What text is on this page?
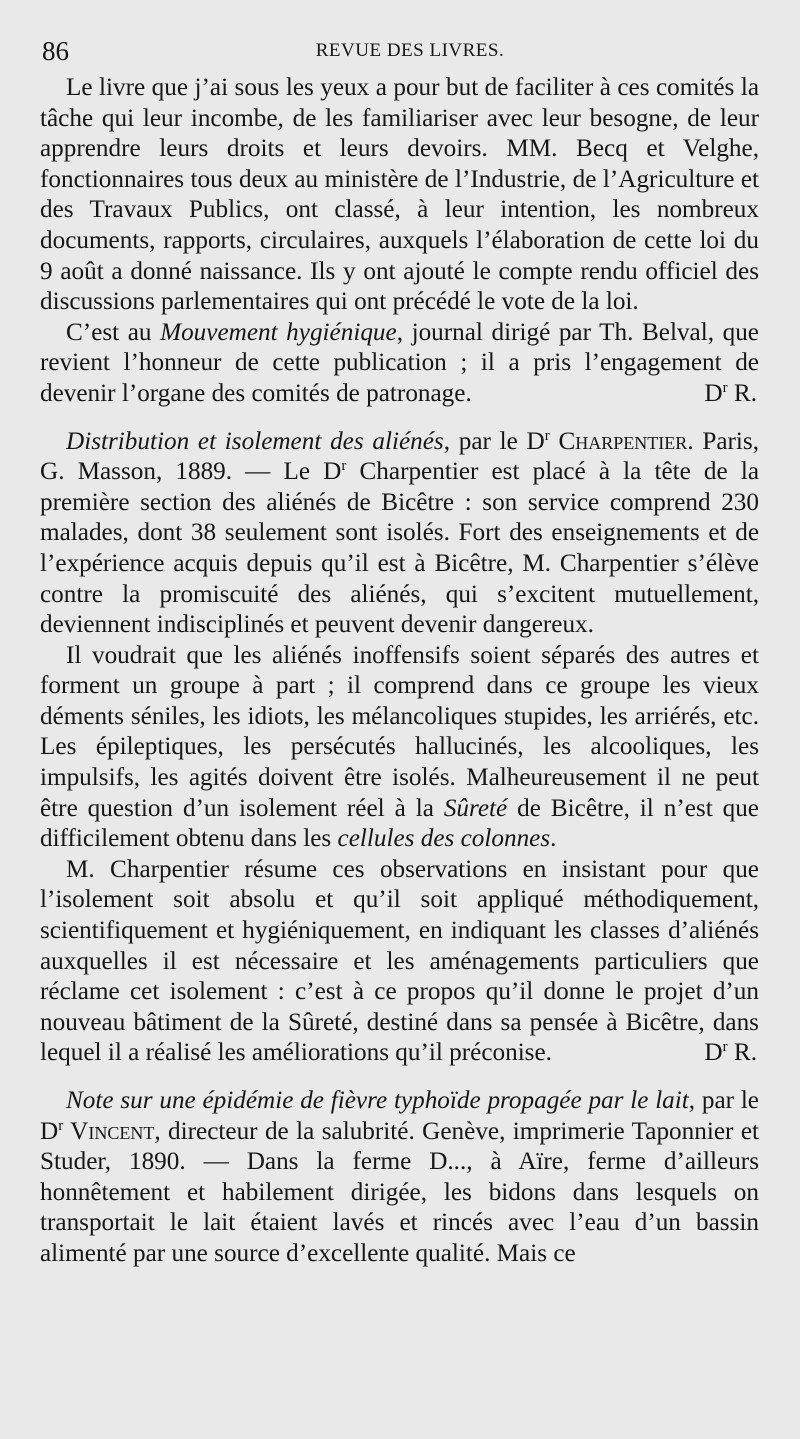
86	REVUE DES LIVRES.

Le livre que j’ai sous les yeux a pour but de faciliter à ces comités la tâche qui leur incombe, de les familiariser avec leur besogne, de leur apprendre leurs droits et leurs devoirs. MM. Becq et Velghe, fonctionnaires tous deux au ministère de l’Industrie, de l’Agriculture et des Travaux Publics, ont classé, à leur intention, les nombreux documents, rapports, circulaires, auxquels l’élaboration de cette loi du 9 août a donné naissance. Ils y ont ajouté le compte rendu officiel des discussions parlementaires qui ont précédé le vote de la loi.

C’est au Mouvement hygiénique, journal dirigé par Th. Belval, que revient l’honneur de cette publication ; il a pris l’engagement de devenir l’organe des comités de patronage.	$D^r$ R.

Distribution et isolement des aliénés, par le $D^r$ Charpentier. Paris, G. Masson, 1889. — Le $D^r$ Charpentier est placé à la tête de la première section des aliénés de Bicêtre : son service comprend 230 malades, dont 38 seulement sont isolés. Fort des enseignements et de l’expérience acquis depuis qu’il est à Bicêtre, M. Charpentier s’élève contre la promiscuité des aliénés, qui s’excitent mutuellement, deviennent indisciplinés et peuvent devenir dangereux.

Il voudrait que les aliénés inoffensifs soient séparés des autres et forment un groupe à part ; il comprend dans ce groupe les vieux déments séniles, les idiots, les mélancoliques stupides, les arriérés, etc. Les épileptiques, les persécutés hallucinés, les alcooliques, les impulsifs, les agités doivent être isolés. Malheureusement il ne peut être question d’un isolement réel à la Sûreté de Bicêtre, il n’est que difficilement obtenu dans les cellules des colonnes.

M. Charpentier résume ces observations en insistant pour que l’isolement soit absolu et qu’il soit appliqué méthodiquement, scientifiquement et hygiéniquement, en indiquant les classes d’aliénés auxquelles il est nécessaire et les aménagements particuliers que réclame cet isolement : c’est à ce propos qu’il donne le projet d’un nouveau bâtiment de la Sûreté, destiné dans sa pensée à Bicêtre, dans lequel il a réalisé les améliorations qu’il préconise.	$D^r$ R.

Note sur une épidémie de fièvre typhoïde propagée par le lait, par le $D^r$ Vincent, directeur de la salubrité. Genève, imprimerie Taponnier et Studer, 1890. — Dans la ferme D..., à Aïre, ferme d’ailleurs honnêtement et habilement dirigée, les bidons dans lesquels on transportait le lait étaient lavés et rincés avec l’eau d’un bassin alimenté par une source d’excellente qualité. Mais ce
